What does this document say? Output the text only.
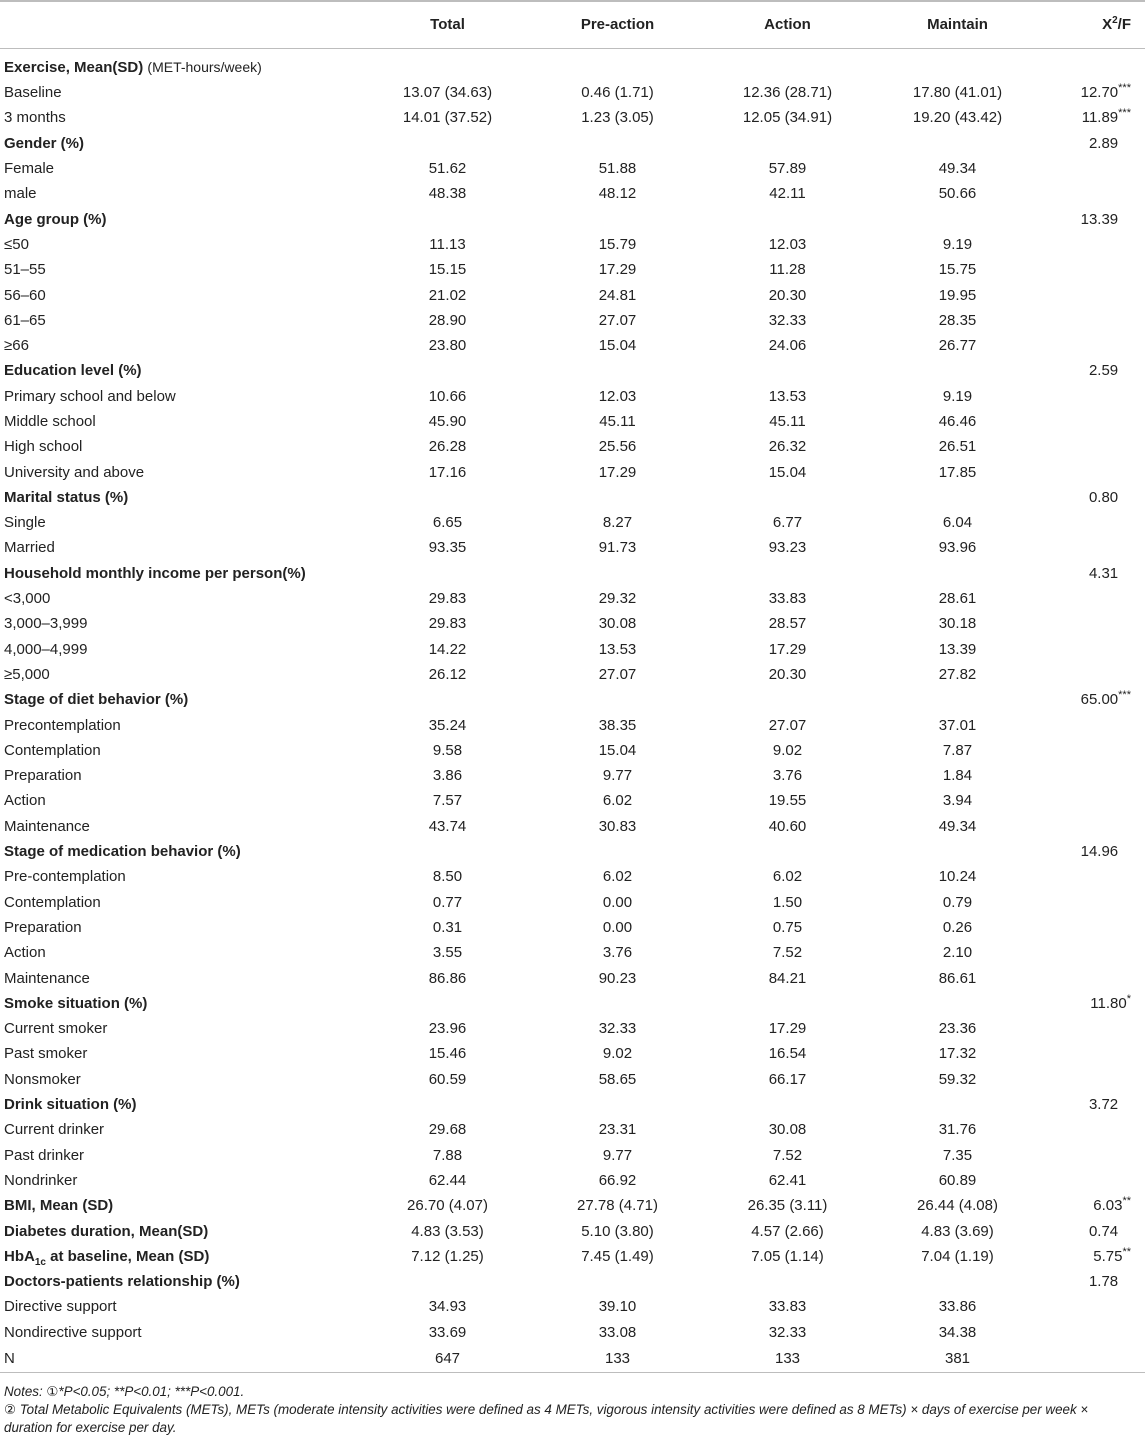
	Total	Pre-action	Action	Maintain	$X^2/F$
Exercise, Mean(SD) (MET-hours/week)					
Baseline	13.07 (34.63)	0.46 (1.71)	12.36 (28.71)	17.80 (41.01)	12.70***
3 months	14.01 (37.52)	1.23 (3.05)	12.05 (34.91)	19.20 (43.42)	11.89***
Gender (%)					2.89
Female	51.62	51.88	57.89	49.34	
male	48.38	48.12	42.11	50.66	
Age group (%)					13.39
≤50	11.13	15.79	12.03	9.19	
51–55	15.15	17.29	11.28	15.75	
56–60	21.02	24.81	20.30	19.95	
61–65	28.90	27.07	32.33	28.35	
≥66	23.80	15.04	24.06	26.77	
Education level (%)					2.59
Primary school and below	10.66	12.03	13.53	9.19	
Middle school	45.90	45.11	45.11	46.46	
High school	26.28	25.56	26.32	26.51	
University and above	17.16	17.29	15.04	17.85	
Marital status (%)					0.80
Single	6.65	8.27	6.77	6.04	
Married	93.35	91.73	93.23	93.96	
Household monthly income per person(%)					4.31
<3,000	29.83	29.32	33.83	28.61	
3,000–3,999	29.83	30.08	28.57	30.18	
4,000–4,999	14.22	13.53	17.29	13.39	
≥5,000	26.12	27.07	20.30	27.82	
Stage of diet behavior (%)					65.00***
Precontemplation	35.24	38.35	27.07	37.01	
Contemplation	9.58	15.04	9.02	7.87	
Preparation	3.86	9.77	3.76	1.84	
Action	7.57	6.02	19.55	3.94	
Maintenance	43.74	30.83	40.60	49.34	
Stage of medication behavior (%)					14.96
Pre-contemplation	8.50	6.02	6.02	10.24	
Contemplation	0.77	0.00	1.50	0.79	
Preparation	0.31	0.00	0.75	0.26	
Action	3.55	3.76	7.52	2.10	
Maintenance	86.86	90.23	84.21	86.61	
Smoke situation (%)					11.80*
Current smoker	23.96	32.33	17.29	23.36	
Past smoker	15.46	9.02	16.54	17.32	
Nonsmoker	60.59	58.65	66.17	59.32	
Drink situation (%)					3.72
Current drinker	29.68	23.31	30.08	31.76	
Past drinker	7.88	9.77	7.52	7.35	
Nondrinker	62.44	66.92	62.41	60.89	
BMI, Mean (SD)	26.70 (4.07)	27.78 (4.71)	26.35 (3.11)	26.44 (4.08)	6.03**
Diabetes duration, Mean(SD)	4.83 (3.53)	5.10 (3.80)	4.57 (2.66)	4.83 (3.69)	0.74
HbA$_{1c}$ at baseline, Mean (SD)	7.12 (1.25)	7.45 (1.49)	7.05 (1.14)	7.04 (1.19)	5.75**
Doctors-patients relationship (%)					1.78
Directive support	34.93	39.10	33.83	33.86	
Nondirective support	33.69	33.08	32.33	34.38	
N	647	133	133	381	

Notes: ①*P<0.05; **P<0.01; ***P<0.001.

② Total Metabolic Equivalents (METs), METs (moderate intensity activities were defined as 4 METs, vigorous intensity activities were defined as 8 METs) × days of exercise per week × duration for exercise per day.
